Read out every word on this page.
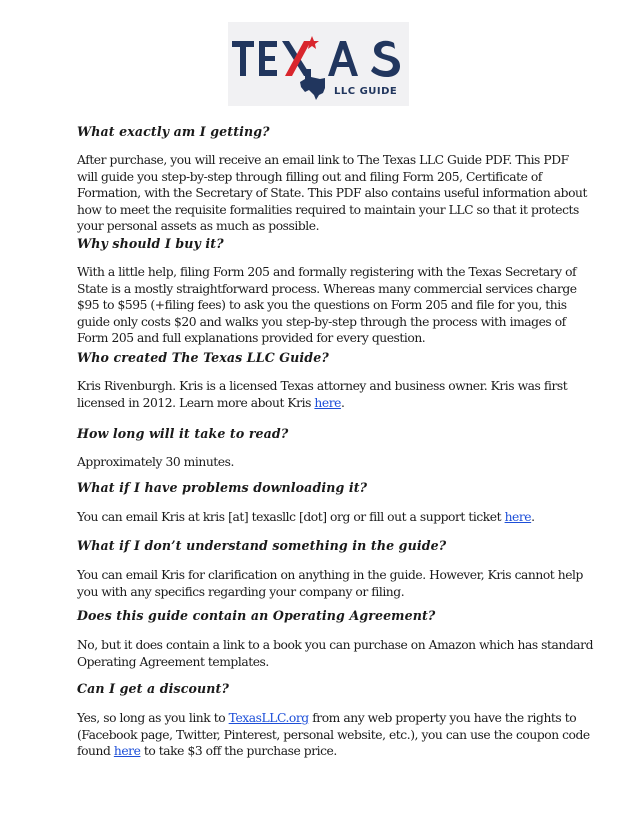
LLC GUIDE
What exactly am I getting?

After purchase, you will receive an email link to The Texas LLC Guide PDF. This PDF
will guide you step-by-step through filling out and filing Form 205, Certificate of
Formation, with the Secretary of State. This PDF also contains useful information about
how to meet the requisite formalities required to maintain your LLC so that it protects
your personal assets as much as possible.

Why should I buy it?

With a little help, filing Form 205 and formally registering with the Texas Secretary of
State is a mostly straightforward process. Whereas many commercial services charge
$95 to $595 (+filing fees) to ask you the questions on Form 205 and file for you, this
guide only costs $20 and walks you step-by-step through the process with images of
Form 205 and full explanations provided for every question.

Who created The Texas LLC Guide?

Kris Rivenburgh. Kris is a licensed Texas attorney and business owner. Kris was first
licensed in 2012. Learn more about Kris here.

How long will it take to read?

Approximately 30 minutes.

What if I have problems downloading it?

You can email Kris at kris [at] texasllc [dot] org or fill out a support ticket here.

What if I don’t understand something in the guide?

You can email Kris for clarification on anything in the guide. However, Kris cannot help
you with any specifics regarding your company or filing.

Does this guide contain an Operating Agreement?

No, but it does contain a link to a book you can purchase on Amazon which has standard
Operating Agreement templates.

Can I get a discount?

Yes, so long as you link to TexasLLC.org from any web property you have the rights to
(Facebook page, Twitter, Pinterest, personal website, etc.), you can use the coupon code
found here to take $3 off the purchase price.
